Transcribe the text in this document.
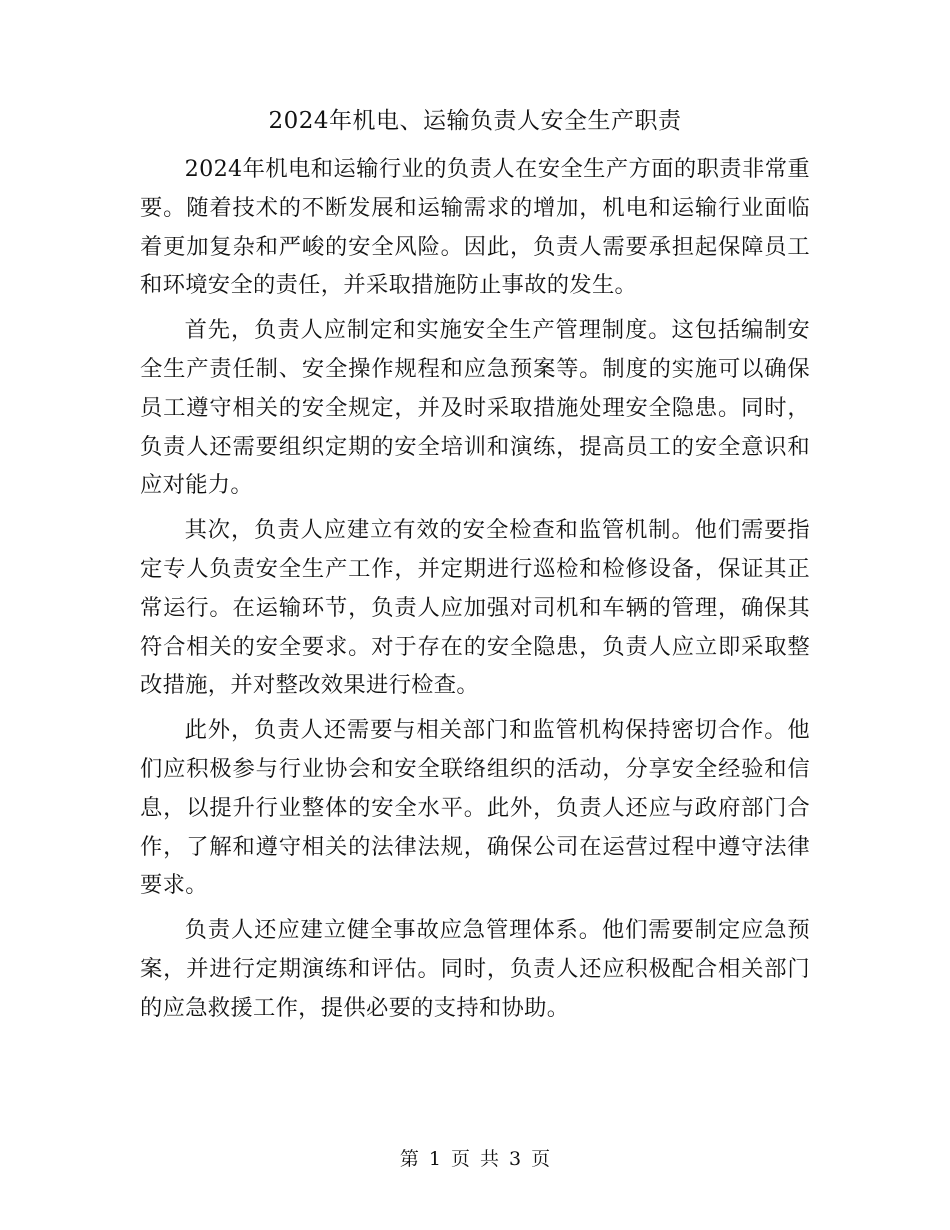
2024年机电、运输负责人安全生产职责

2024年机电和运输行业的负责人在安全生产方面的职责非常重要。随着技术的不断发展和运输需求的增加，机电和运输行业面临着更加复杂和严峻的安全风险。因此，负责人需要承担起保障员工和环境安全的责任，并采取措施防止事故的发生。

首先，负责人应制定和实施安全生产管理制度。这包括编制安全生产责任制、安全操作规程和应急预案等。制度的实施可以确保员工遵守相关的安全规定，并及时采取措施处理安全隐患。同时，负责人还需要组织定期的安全培训和演练，提高员工的安全意识和应对能力。

其次，负责人应建立有效的安全检查和监管机制。他们需要指定专人负责安全生产工作，并定期进行巡检和检修设备，保证其正常运行。在运输环节，负责人应加强对司机和车辆的管理，确保其符合相关的安全要求。对于存在的安全隐患，负责人应立即采取整改措施，并对整改效果进行检查。

此外，负责人还需要与相关部门和监管机构保持密切合作。他们应积极参与行业协会和安全联络组织的活动，分享安全经验和信息，以提升行业整体的安全水平。此外，负责人还应与政府部门合作，了解和遵守相关的法律法规，确保公司在运营过程中遵守法律要求。

负责人还应建立健全事故应急管理体系。他们需要制定应急预案，并进行定期演练和评估。同时，负责人还应积极配合相关部门的应急救援工作，提供必要的支持和协助。

第 1 页 共 3 页
